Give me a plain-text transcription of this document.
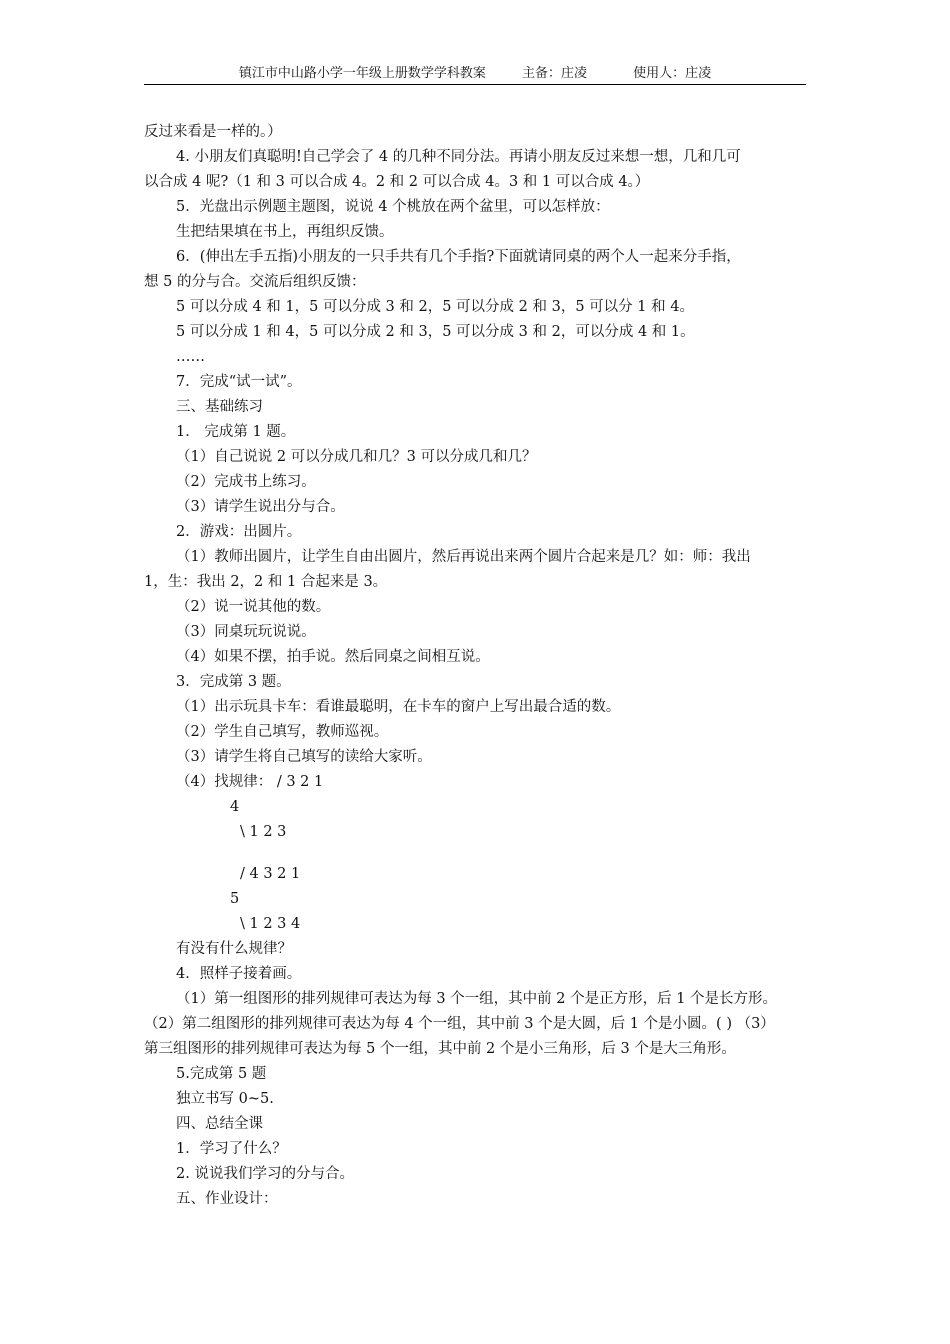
镇江市中山路小学一年级上册数学学科教案	主备：庄凌	使用人：庄凌
反过来看是一样的。）
4. 小朋友们真聪明!自己学会了 4 的几种不同分法。再请小朋友反过来想一想，几和几可
以合成 4 呢?（1 和 3 可以合成 4。2 和 2 可以合成 4。3 和 1 可以合成 4。）
5．光盘出示例题主题图，说说 4 个桃放在两个盆里，可以怎样放：
生把结果填在书上，再组织反馈。
6．(伸出左手五指)小朋友的一只手共有几个手指?下面就请同桌的两个人一起来分手指，
想 5 的分与合。交流后组织反馈：
5 可以分成 4 和 1，5 可以分成 3 和 2，5 可以分成 2 和 3，5 可以分 1 和 4。
5 可以分成 1 和 4，5 可以分成 2 和 3，5 可以分成 3 和 2，可以分成 4 和 1。
……
7．完成“试一试”。
三、基础练习
1． 完成第 1 题。
（1）自己说说 2 可以分成几和几？3 可以分成几和几？
（2）完成书上练习。
（3）请学生说出分与合。
2．游戏：出圆片。
（1）教师出圆片，让学生自由出圆片，然后再说出来两个圆片合起来是几？如：师：我出
1，生：我出 2，2 和 1 合起来是 3。
（2）说一说其他的数。
（3）同桌玩玩说说。
（4）如果不摆，拍手说。然后同桌之间相互说。
3．完成第 3 题。
（1）出示玩具卡车：看谁最聪明，在卡车的窗户上写出最合适的数。
（2）学生自己填写，教师巡视。
（3）请学生将自己填写的读给大家听。
（4）找规律： / 3 2 1
4
\ 1 2 3
/ 4 3 2 1
5
\ 1 2 3 4
有没有什么规律？
4．照样子接着画。
（1）第一组图形的排列规律可表达为每 3 个一组，其中前 2 个是正方形，后 1 个是长方形。
（2）第二组图形的排列规律可表达为每 4 个一组，其中前 3 个是大圆，后 1 个是小圆。( ) （3）
第三组图形的排列规律可表达为每 5 个一组，其中前 2 个是小三角形，后 3 个是大三角形。
5.完成第 5 题
独立书写 0~5.
四、总结全课
1．学习了什么？
2. 说说我们学习的分与合。
五、作业设计：
